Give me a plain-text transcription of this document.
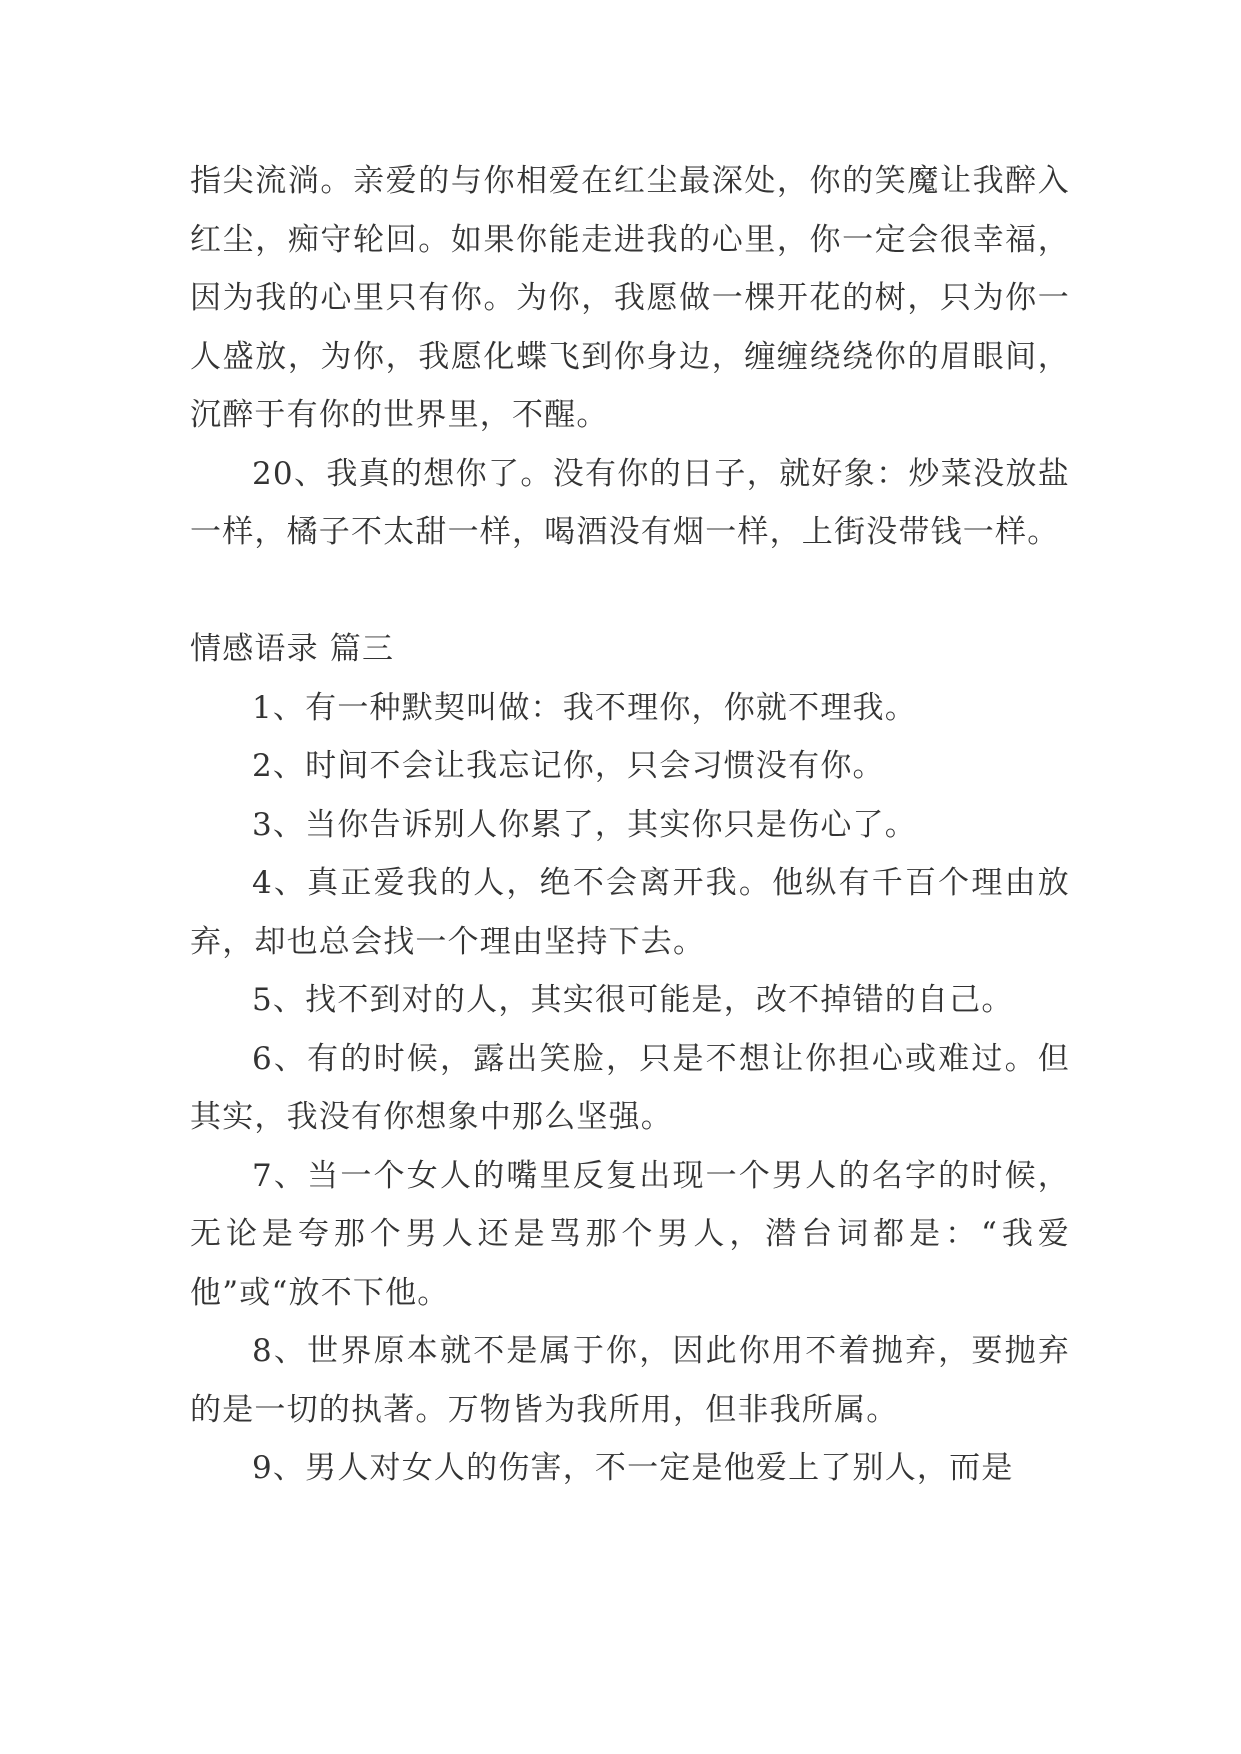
指尖流淌。亲爱的与你相爱在红尘最深处，你的笑魔让我醉入红尘，痴守轮回。如果你能走进我的心里，你一定会很幸福，因为我的心里只有你。为你，我愿做一棵开花的树，只为你一人盛放，为你，我愿化蝶飞到你身边，缠缠绕绕你的眉眼间，沉醉于有你的世界里，不醒。

20、我真的想你了。没有你的日子，就好象：炒菜没放盐一样，橘子不太甜一样，喝酒没有烟一样，上街没带钱一样。

情感语录 篇三

1、有一种默契叫做：我不理你，你就不理我。

2、时间不会让我忘记你，只会习惯没有你。

3、当你告诉别人你累了，其实你只是伤心了。

4、真正爱我的人，绝不会离开我。他纵有千百个理由放弃，却也总会找一个理由坚持下去。

5、找不到对的人，其实很可能是，改不掉错的自己。

6、有的时候，露出笑脸，只是不想让你担心或难过。但其实，我没有你想象中那么坚强。

7、当一个女人的嘴里反复出现一个男人的名字的时候，无论是夸那个男人还是骂那个男人，潜台词都是：“我爱他”或“放不下他。

8、世界原本就不是属于你，因此你用不着抛弃，要抛弃的是一切的执著。万物皆为我所用，但非我所属。

9、男人对女人的伤害，不一定是他爱上了别人，而是
